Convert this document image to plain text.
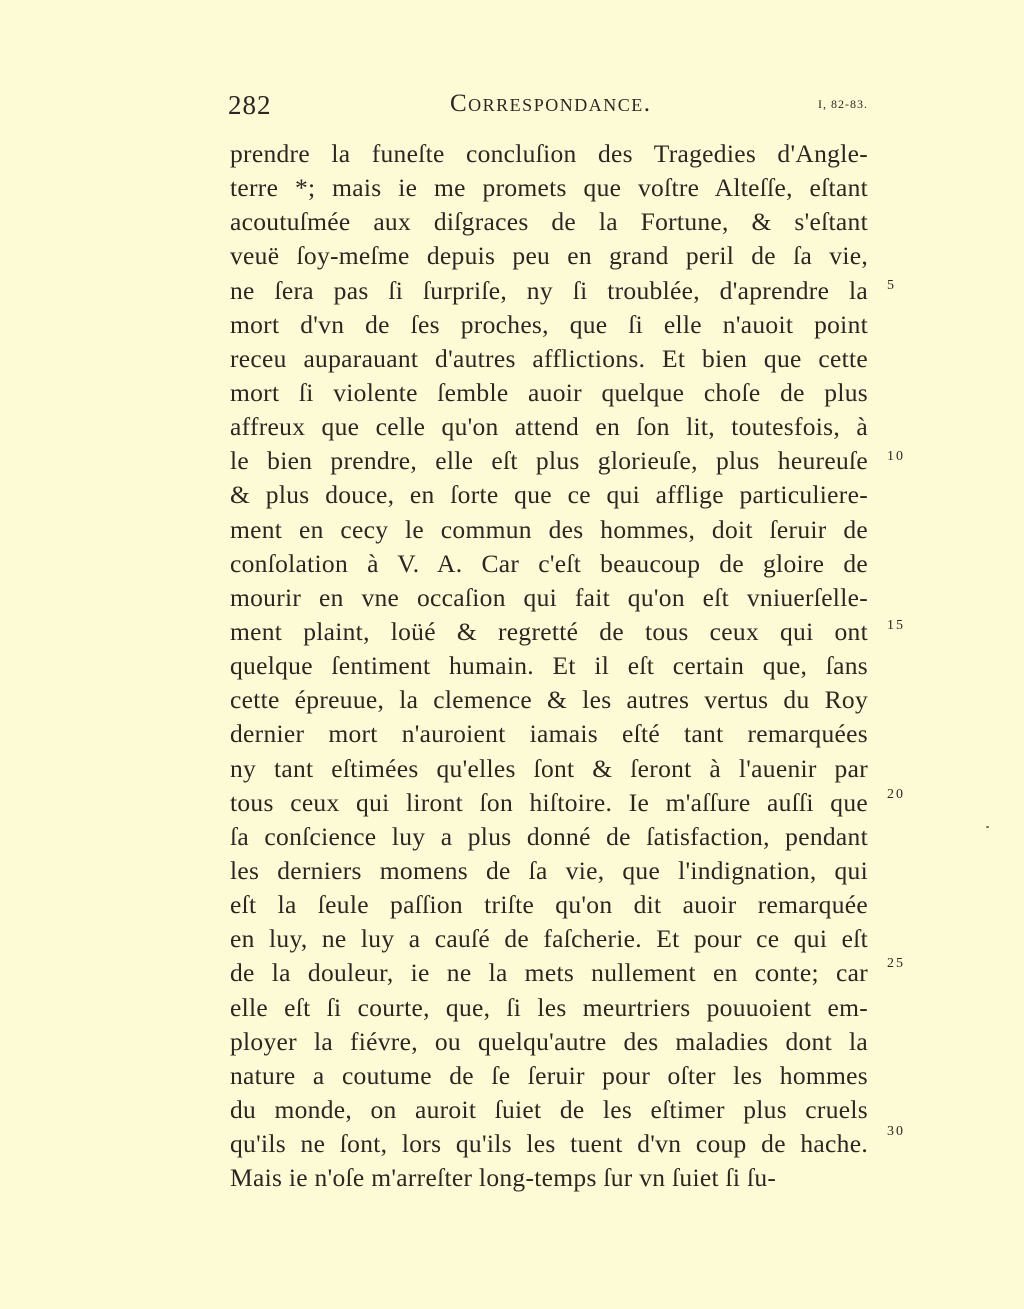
282	Correspondance.	I, 82-83.
prendre la funeſte concluſion des Tragedies d'Angle-
terre *; mais ie me promets que voſtre Alteſſe, eſtant
acoutuſmée aux diſgraces de la Fortune, & s'eſtant
veuë ſoy-meſme depuis peu en grand peril de ſa vie,
ne ſera pas ſi ſurpriſe, ny ſi troublée, d'aprendre la
mort d'vn de ſes proches, que ſi elle n'auoit point
receu auparauant d'autres afflictions. Et bien que cette
mort ſi violente ſemble auoir quelque choſe de plus
affreux que celle qu'on attend en ſon lit, toutesfois, à
le bien prendre, elle eſt plus glorieuſe, plus heureuſe
& plus douce, en ſorte que ce qui afflige particuliere-
ment en cecy le commun des hommes, doit ſeruir de
conſolation à V. A. Car c'eſt beaucoup de gloire de
mourir en vne occaſion qui fait qu'on eſt vniuerſelle-
ment plaint, loüé & regretté de tous ceux qui ont
quelque ſentiment humain. Et il eſt certain que, ſans
cette épreuue, la clemence & les autres vertus du Roy
dernier mort n'auroient iamais eſté tant remarquées
ny tant eſtimées qu'elles ſont & ſeront à l'auenir par
tous ceux qui liront ſon hiſtoire. Ie m'aſſure auſſi que
ſa conſcience luy a plus donné de ſatisfaction, pendant
les derniers momens de ſa vie, que l'indignation, qui
eſt la ſeule paſſion triſte qu'on dit auoir remarquée
en luy, ne luy a cauſé de faſcherie. Et pour ce qui eſt
de la douleur, ie ne la mets nullement en conte; car
elle eſt ſi courte, que, ſi les meurtriers pouuoient em-
ployer la fiévre, ou quelqu'autre des maladies dont la
nature a coutume de ſe ſeruir pour oſter les hommes
du monde, on auroit ſuiet de les eſtimer plus cruels
qu'ils ne ſont, lors qu'ils les tuent d'vn coup de hache.
Mais ie n'oſe m'arreſter long-temps ſur vn ſuiet ſi ſu-
5
10
15
20
25
30
